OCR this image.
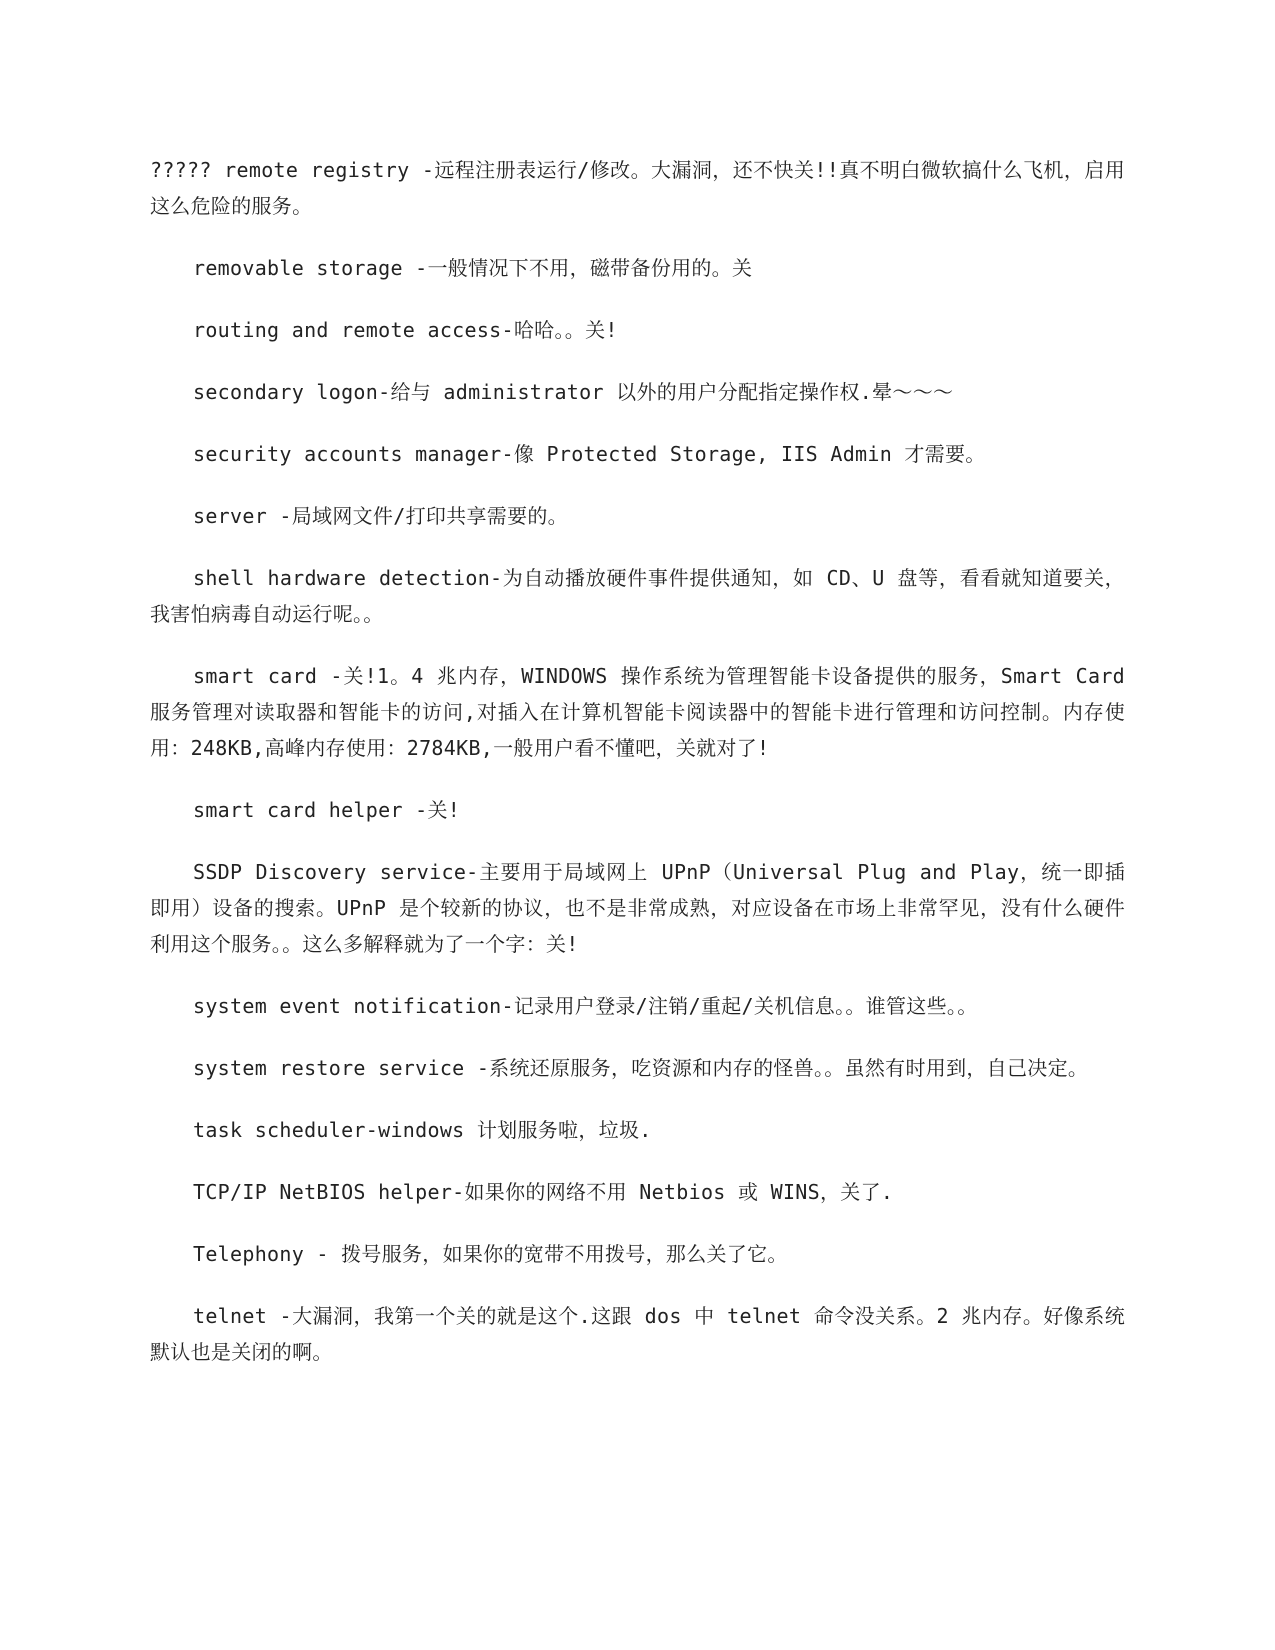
????? remote registry -远程注册表运行/修改。大漏洞，还不快关!!真不明白微软搞什么飞机，启用这么危险的服务。

removable storage -一般情况下不用，磁带备份用的。关

routing and remote access-哈哈。。关!

secondary logon-给与 administrator 以外的用户分配指定操作权.晕～～～

security accounts manager-像 Protected Storage, IIS Admin 才需要。

server -局域网文件/打印共享需要的。

shell hardware detection-为自动播放硬件事件提供通知，如 CD、U 盘等，看看就知道要关，我害怕病毒自动运行呢。。

smart card -关!1。4 兆内存，WINDOWS 操作系统为管理智能卡设备提供的服务，Smart Card 服务管理对读取器和智能卡的访问,对插入在计算机智能卡阅读器中的智能卡进行管理和访问控制。内存使用：248KB,高峰内存使用：2784KB,一般用户看不懂吧，关就对了!

smart card helper -关!

SSDP Discovery service-主要用于局域网上 UPnP（Universal Plug and Play，统一即插即用）设备的搜索。UPnP 是个较新的协议，也不是非常成熟，对应设备在市场上非常罕见，没有什么硬件利用这个服务。。这么多解释就为了一个字：关!

system event notification-记录用户登录/注销/重起/关机信息。。谁管这些。。

system restore service -系统还原服务，吃资源和内存的怪兽。。虽然有时用到，自己决定。

task scheduler-windows 计划服务啦，垃圾.

TCP/IP NetBIOS helper-如果你的网络不用 Netbios 或 WINS，关了.

Telephony - 拨号服务，如果你的宽带不用拨号，那么关了它。

telnet -大漏洞，我第一个关的就是这个.这跟 dos 中 telnet 命令没关系。2 兆内存。好像系统默认也是关闭的啊。
